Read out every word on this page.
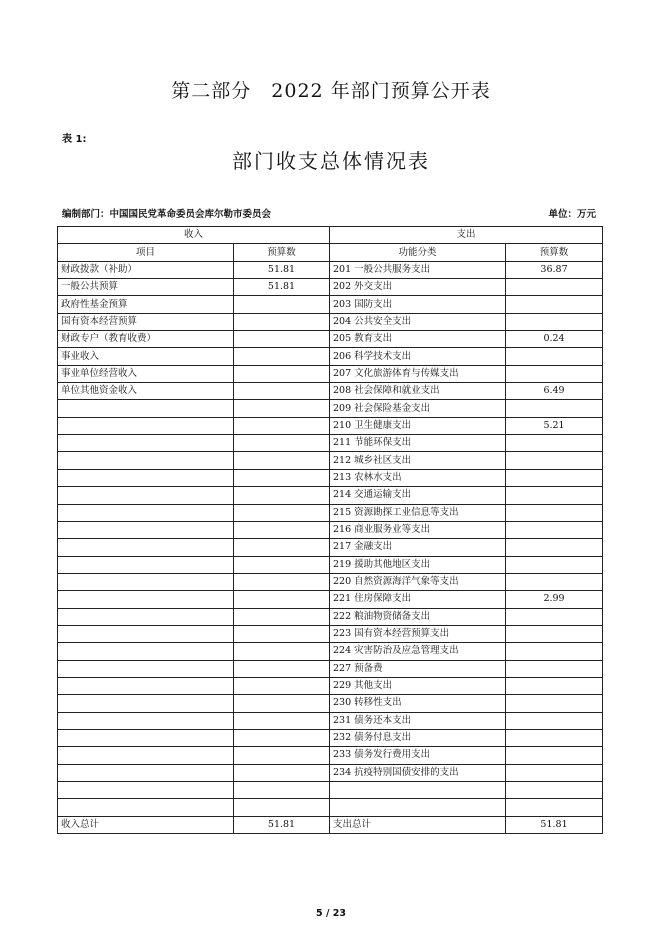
第二部分　2022 年部门预算公开表
表 1:
部门收支总体情况表
编制部门：中国国民党革命委员会库尔勒市委员会	单位：万元
收入		支出	
项目	预算数	功能分类	预算数
财政拨款（补助）	51.81	201 一般公共服务支出	36.87
一般公共预算	51.81	202 外交支出	
政府性基金预算		203 国防支出	
国有资本经营预算		204 公共安全支出	
财政专户（教育收费）		205 教育支出	0.24
事业收入		206 科学技术支出	
事业单位经营收入		207 文化旅游体育与传媒支出	
单位其他资金收入		208 社会保障和就业支出	6.49
		209 社会保险基金支出	
		210 卫生健康支出	5.21
		211 节能环保支出	
		212 城乡社区支出	
		213 农林水支出	
		214 交通运输支出	
		215 资源勘探工业信息等支出	
		216 商业服务业等支出	
		217 金融支出	
		219 援助其他地区支出	
		220 自然资源海洋气象等支出	
		221 住房保障支出	2.99
		222 粮油物资储备支出	
		223 国有资本经营预算支出	
		224 灾害防治及应急管理支出	
		227 预备费	
		229 其他支出	
		230 转移性支出	
		231 债务还本支出	
		232 债务付息支出	
		233 债务发行费用支出	
		234 抗疫特别国债安排的支出	

收入总计	51.81	支出总计	51.81
5 / 23
